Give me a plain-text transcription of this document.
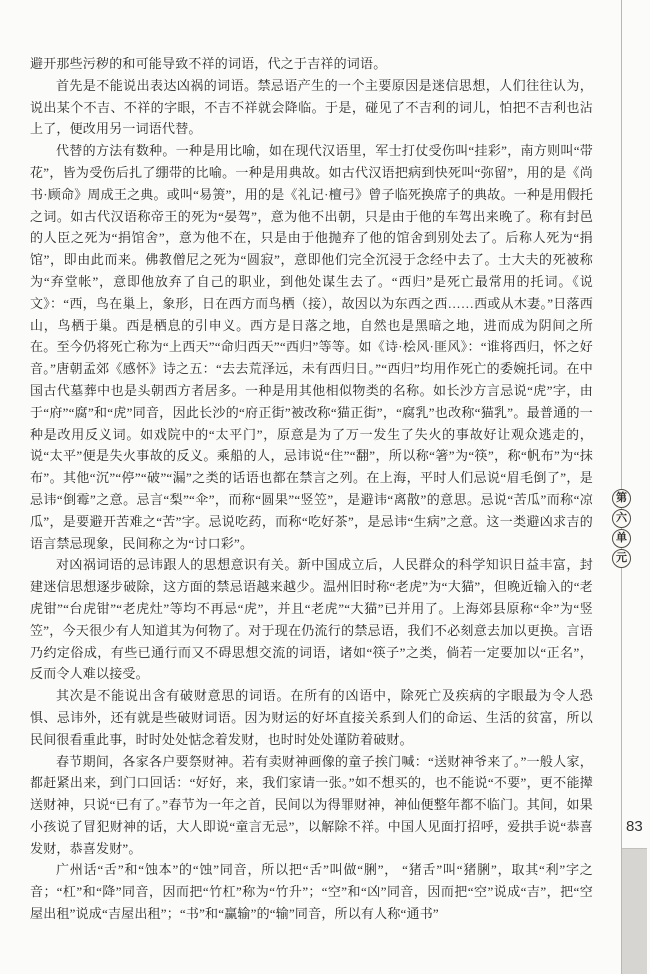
避开那些污秽的和可能导致不祥的词语，代之于吉祥的词语。

首先是不能说出表达凶祸的词语。禁忌语产生的一个主要原因是迷信思想，人们往往认为，说出某个不吉、不祥的字眼，不吉不祥就会降临。于是，碰见了不吉利的词儿，怕把不吉利也沾上了，便改用另一词语代替。

代替的方法有数种。一种是用比喻，如在现代汉语里，军士打仗受伤叫“挂彩”，南方则叫“带花”，皆为受伤后扎了绷带的比喻。一种是用典故。如古代汉语把病到快死叫“弥留”，用的是《尚书·顾命》周成王之典。或叫“易箦”，用的是《礼记·檀弓》曾子临死换席子的典故。一种是用假托之词。如古代汉语称帝王的死为“晏驾”，意为他不出朝，只是由于他的车驾出来晚了。称有封邑的人臣之死为“捐馆舍”，意为他不在，只是由于他抛弃了他的馆舍到别处去了。后称人死为“捐馆”，即由此而来。佛教僧尼之死为“圆寂”，意即他们完全沉浸于念经中去了。士大夫的死被称为“弃堂帐”，意即他放弃了自己的职业，到他处谋生去了。“西归”是死亡最常用的托词。《说文》：“西，鸟在巢上，象形，日在西方而鸟栖（接），故因以为东西之西……西或从木妻。”日落西山，鸟栖于巢。西是栖息的引申义。西方是日落之地，自然也是黑暗之地，进而成为阴间之所在。至今仍将死亡称为“上西天”“命归西天”“西归”等等。如《诗·桧风·匪风》：“谁将西归，怀之好音。”唐朝孟郊《感怀》诗之五：“去去荒泽远，未有西归日。”“西归”均用作死亡的委婉托词。在中国古代墓葬中也是头朝西方者居多。一种是用其他相似物类的名称。如长沙方言忌说“虎”字，由于“府”“腐”和“虎”同音，因此长沙的“府正街”被改称“猫正街”，“腐乳”也改称“猫乳”。最普通的一种是改用反义词。如戏院中的“太平门”，原意是为了万一发生了失火的事故好让观众逃走的，说“太平”便是失火事故的反义。乘船的人，忌讳说“住”“翻”，所以称“箸”为“筷”，称“帆布”为“抹布”。其他“沉”“停”“破”“漏”之类的话语也都在禁言之列。在上海，平时人们忌说“眉毛倒了”，是忌讳“倒霉”之意。忌言“梨”“伞”，而称“圆果”“竖笠”，是避讳“离散”的意思。忌说“苦瓜”而称“凉瓜”，是要避开苦难之“苦”字。忌说吃药，而称“吃好茶”，是忌讳“生病”之意。这一类避凶求吉的语言禁忌现象，民间称之为“讨口彩”。

对凶祸词语的忌讳跟人的思想意识有关。新中国成立后，人民群众的科学知识日益丰富，封建迷信思想逐步破除，这方面的禁忌语越来越少。温州旧时称“老虎”为“大猫”，但晚近输入的“老虎钳”“台虎钳”“老虎灶”等均不再忌“虎”，并且“老虎”“大猫”已并用了。上海郊县原称“伞”为“竖笠”，今天很少有人知道其为何物了。对于现在仍流行的禁忌语，我们不必刻意去加以更换。言语乃约定俗成，有些已通行而又不碍思想交流的词语，诸如“筷子”之类，倘若一定要加以“正名”，反而令人难以接受。

其次是不能说出含有破财意思的词语。在所有的凶语中，除死亡及疾病的字眼最为令人恐惧、忌讳外，还有就是些破财词语。因为财运的好坏直接关系到人们的命运、生活的贫富，所以民间很看重此事，时时处处惦念着发财，也时时处处谨防着破财。

春节期间，各家各户要祭财神。若有卖财神画像的童子挨门喊：“送财神爷来了。”一般人家，都赶紧出来，到门口回话：“好好，来，我们家请一张。”如不想买的，也不能说“不要”，更不能撵送财神，只说“已有了。”春节为一年之首，民间以为得罪财神，神仙便整年都不临门。其间，如果小孩说了冒犯财神的话，大人即说“童言无忌”，以解除不祥。中国人见面打招呼，爱拱手说“恭喜发财，恭喜发财”。

广州话“舌”和“蚀本”的“蚀”同音，所以把“舌”叫做“脷”， “猪舌”叫“猪脷”，取其“利”字之音；“杠”和“降”同音，因而把“竹杠”称为“竹升”；“空”和“凶”同音，因而把“空”说成“吉”，把“空屋出租”说成“吉屋出租”；“书”和“赢输”的“输”同音，所以有人称“通书”

第
六
单
元
83
